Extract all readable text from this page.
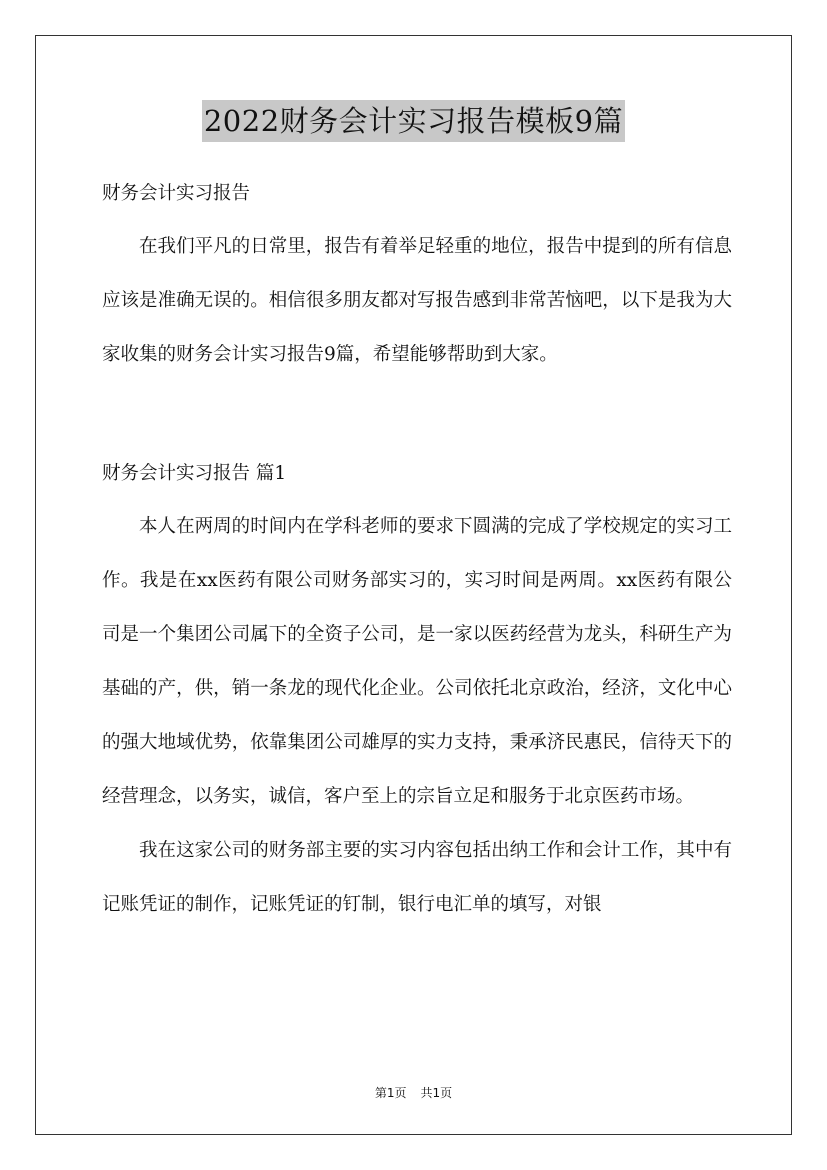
2022财务会计实习报告模板9篇

财务会计实习报告

在我们平凡的日常里，报告有着举足轻重的地位，报告中提到的所有信息应该是准确无误的。相信很多朋友都对写报告感到非常苦恼吧，以下是我为大家收集的财务会计实习报告9篇，希望能够帮助到大家。

财务会计实习报告 篇1

本人在两周的时间内在学科老师的要求下圆满的完成了学校规定的实习工作。我是在xx医药有限公司财务部实习的，实习时间是两周。xx医药有限公司是一个集团公司属下的全资子公司，是一家以医药经营为龙头，科研生产为基础的产，供，销一条龙的现代化企业。公司依托北京政治，经济，文化中心的强大地域优势，依靠集团公司雄厚的实力支持，秉承济民惠民，信待天下的经营理念，以务实，诚信，客户至上的宗旨立足和服务于北京医药市场。

我在这家公司的财务部主要的实习内容包括出纳工作和会计工作，其中有记账凭证的制作，记账凭证的钉制，银行电汇单的填写，对银

第1页 共1页
